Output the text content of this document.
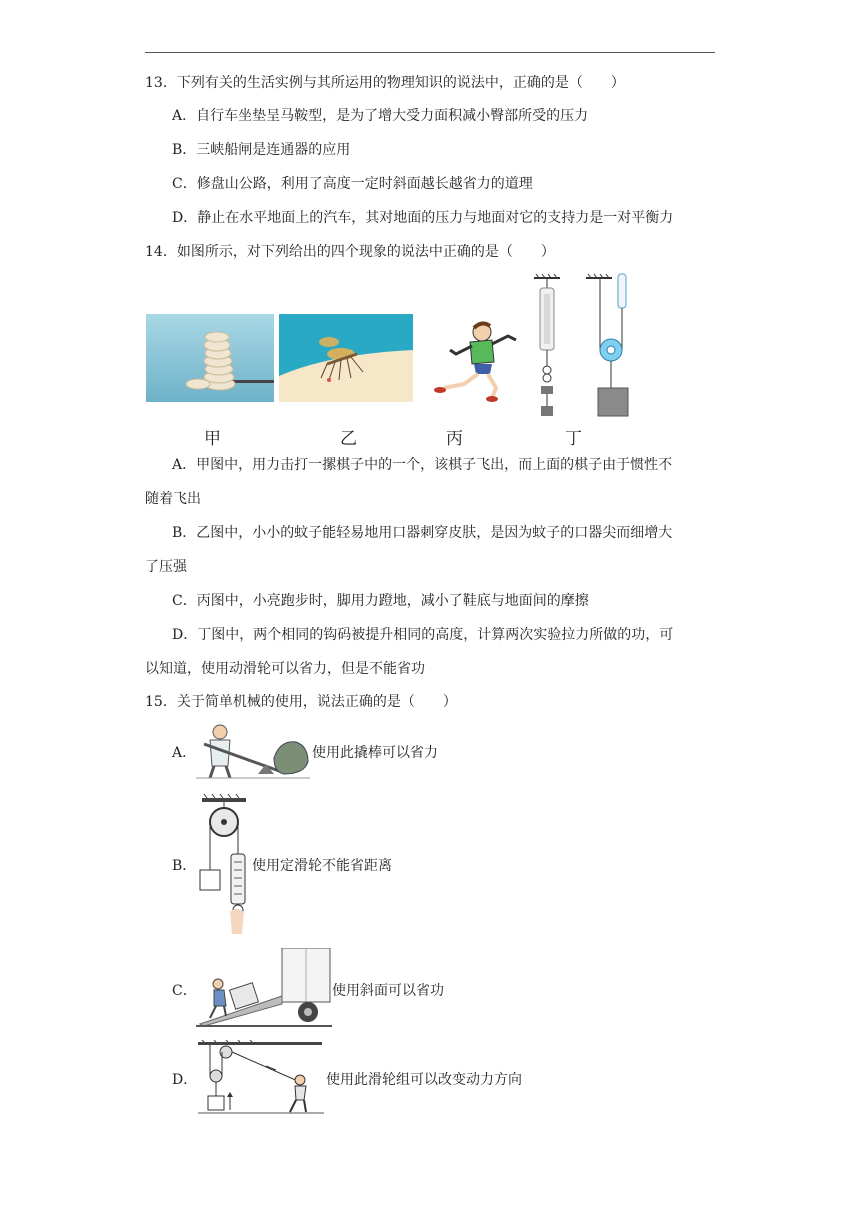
13．下列有关的生活实例与其所运用的物理知识的说法中，正确的是（　　）
A．自行车坐垫呈马鞍型，是为了增大受力面积减小臀部所受的压力
B．三峡船闸是连通器的应用
C．修盘山公路，利用了高度一定时斜面越长越省力的道理
D．静止在水平地面上的汽车，其对地面的压力与地面对它的支持力是一对平衡力
14．如图所示，对下列给出的四个现象的说法中正确的是（　　）
甲	乙	丙	丁
A．甲图中，用力击打一摞棋子中的一个，该棋子飞出，而上面的棋子由于惯性不
随着飞出
B．乙图中，小小的蚊子能轻易地用口器刺穿皮肤，是因为蚊子的口器尖而细增大
了压强
C．丙图中，小亮跑步时，脚用力蹬地，减小了鞋底与地面间的摩擦
D．丁图中，两个相同的钩码被提升相同的高度，计算两次实验拉力所做的功，可
以知道，使用动滑轮可以省力，但是不能省功
15．关于简单机械的使用，说法正确的是（　　）
A．	使用此撬棒可以省力
B．	使用定滑轮不能省距离
C．	使用斜面可以省功
D．	使用此滑轮组可以改变动力方向
